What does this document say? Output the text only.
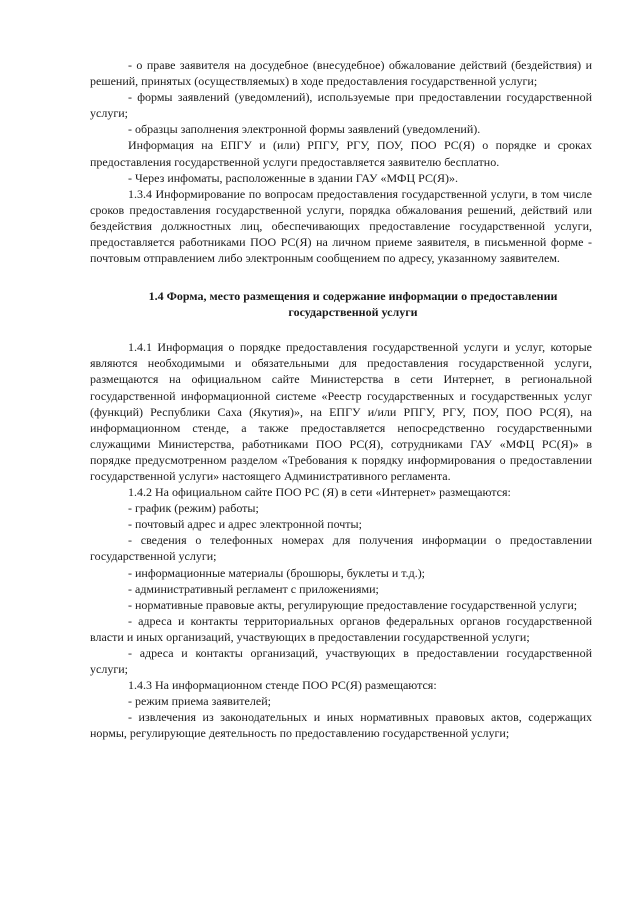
- о праве заявителя на досудебное (внесудебное) обжалование действий (бездействия) и решений, принятых (осуществляемых) в ходе предоставления государственной услуги;

- формы заявлений (уведомлений), используемые при предоставлении государственной услуги;

- образцы заполнения электронной формы заявлений (уведомлений).

Информация на ЕПГУ и (или) РПГУ, РГУ, ПОУ, ПОО РС(Я) о порядке и сроках предоставления государственной услуги предоставляется заявителю бесплатно.

- Через инфоматы, расположенные в здании ГАУ «МФЦ РС(Я)».

1.3.4 Информирование по вопросам предоставления государственной услуги, в том числе сроков предоставления государственной услуги, порядка обжалования решений, действий или бездействия должностных лиц, обеспечивающих предоставление государственной услуги, предоставляется работниками ПОО РС(Я) на личном приеме заявителя, в письменной форме - почтовым отправлением либо электронным сообщением по адресу, указанному заявителем.

1.4 Форма, место размещения и содержание информации о предоставлении государственной услуги

1.4.1 Информация о порядке предоставления государственной услуги и услуг, которые являются необходимыми и обязательными для предоставления государственной услуги, размещаются на официальном сайте Министерства в сети Интернет, в региональной государственной информационной системе «Реестр государственных и государственных услуг (функций) Республики Саха (Якутия)», на ЕПГУ и/или РПГУ, РГУ, ПОУ, ПОО РС(Я), на информационном стенде, а также предоставляется непосредственно государственными служащими Министерства, работниками ПОО РС(Я), сотрудниками ГАУ «МФЦ РС(Я)» в порядке предусмотренном разделом «Требования к порядку информирования о предоставлении государственной услуги» настоящего Административного регламента.

1.4.2 На официальном сайте ПОО РС (Я) в сети «Интернет» размещаются:

- график (режим) работы;

- почтовый адрес и адрес электронной почты;

- сведения о телефонных номерах для получения информации о предоставлении государственной услуги;

- информационные материалы (брошюры, буклеты и т.д.);

- административный регламент с приложениями;

- нормативные правовые акты, регулирующие предоставление государственной услуги;

- адреса и контакты территориальных органов федеральных органов государственной власти и иных организаций, участвующих в предоставлении государственной услуги;

- адреса и контакты организаций, участвующих в предоставлении государственной услуги;

1.4.3 На информационном стенде ПОО РС(Я) размещаются:

- режим приема заявителей;

- извлечения из законодательных и иных нормативных правовых актов, содержащих нормы, регулирующие деятельность по предоставлению государственной услуги;
